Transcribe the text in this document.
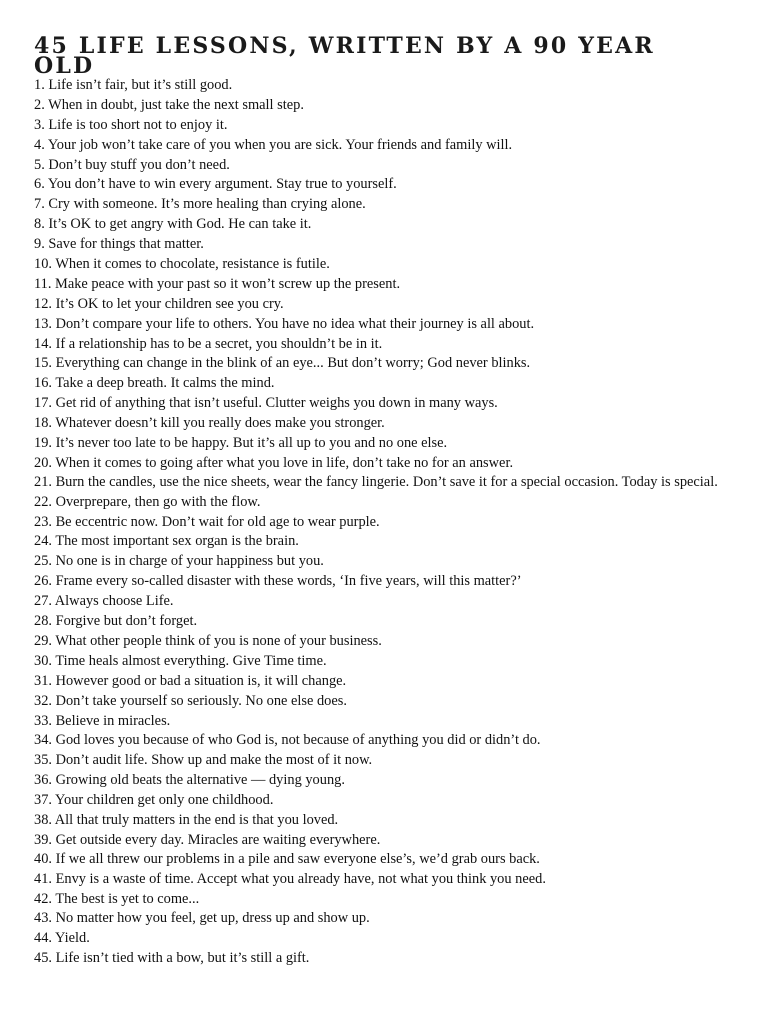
45 LIFE LESSONS, WRITTEN BY A 90 YEAR OLD
1. Life isn’t fair, but it’s still good.
2. When in doubt, just take the next small step.
3. Life is too short not to enjoy it.
4. Your job won’t take care of you when you are sick. Your friends and family will.
5. Don’t buy stuff you don’t need.
6. You don’t have to win every argument. Stay true to yourself.
7. Cry with someone. It’s more healing than crying alone.
8. It’s OK to get angry with God. He can take it.
9. Save for things that matter.
10. When it comes to chocolate, resistance is futile.
11. Make peace with your past so it won’t screw up the present.
12. It’s OK to let your children see you cry.
13. Don’t compare your life to others. You have no idea what their journey is all about.
14. If a relationship has to be a secret, you shouldn’t be in it.
15. Everything can change in the blink of an eye... But don’t worry; God never blinks.
16. Take a deep breath. It calms the mind.
17. Get rid of anything that isn’t useful. Clutter weighs you down in many ways.
18. Whatever doesn’t kill you really does make you stronger.
19. It’s never too late to be happy. But it’s all up to you and no one else.
20. When it comes to going after what you love in life, don’t take no for an answer.
21. Burn the candles, use the nice sheets, wear the fancy lingerie. Don’t save it for a special occasion. Today is special.
22. Overprepare, then go with the flow.
23. Be eccentric now. Don’t wait for old age to wear purple.
24. The most important sex organ is the brain.
25. No one is in charge of your happiness but you.
26. Frame every so-called disaster with these words, ‘In five years, will this matter?’
27. Always choose Life.
28. Forgive but don’t forget.
29. What other people think of you is none of your business.
30. Time heals almost everything. Give Time time.
31. However good or bad a situation is, it will change.
32. Don’t take yourself so seriously. No one else does.
33. Believe in miracles.
34. God loves you because of who God is, not because of anything you did or didn’t do.
35. Don’t audit life. Show up and make the most of it now.
36. Growing old beats the alternative — dying young.
37. Your children get only one childhood.
38. All that truly matters in the end is that you loved.
39. Get outside every day. Miracles are waiting everywhere.
40. If we all threw our problems in a pile and saw everyone else’s, we’d grab ours back.
41. Envy is a waste of time. Accept what you already have, not what you think you need.
42. The best is yet to come...
43. No matter how you feel, get up, dress up and show up.
44. Yield.
45. Life isn’t tied with a bow, but it’s still a gift.
